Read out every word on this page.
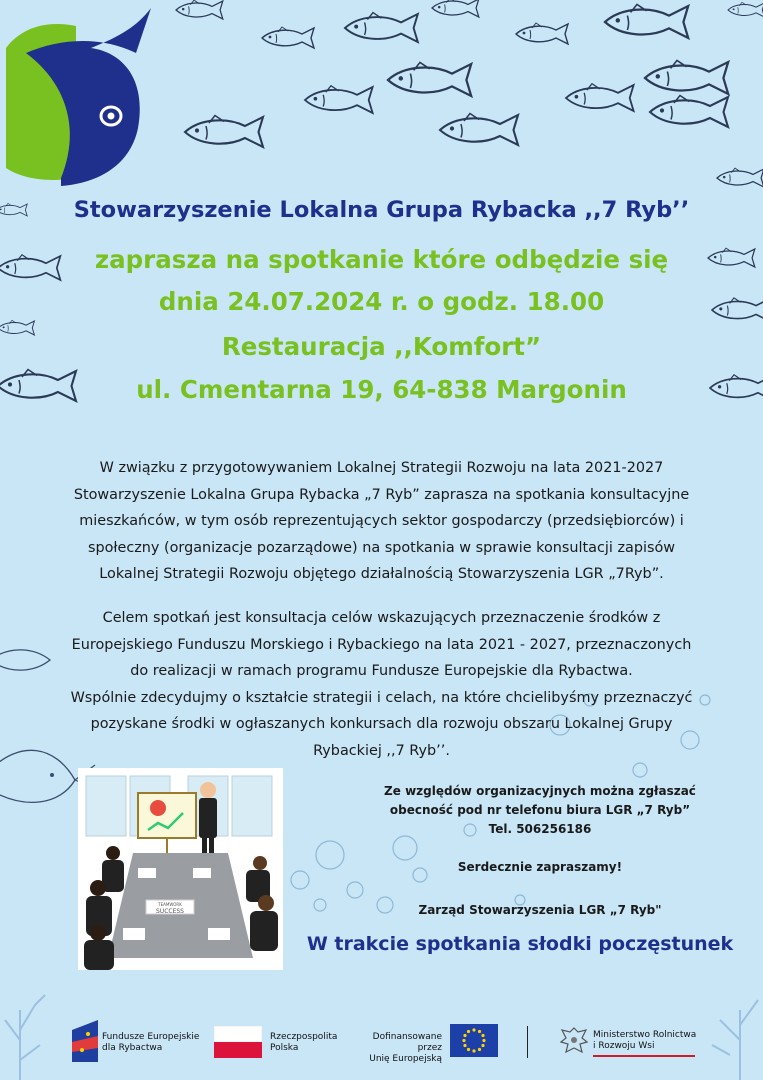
Stowarzyszenie Lokalna Grupa Rybacka ,,7 Ryb’’
zaprasza na spotkanie które odbędzie się
dnia 24.07.2024 r. o godz. 18.00
Restauracja ,,Komfort”
ul. Cmentarna 19, 64-838 Margonin
W związku z przygotowywaniem Lokalnej Strategii Rozwoju na lata 2021-2027
Stowarzyszenie Lokalna Grupa Rybacka „7 Ryb” zaprasza na spotkania konsultacyjne
mieszkańców, w tym osób reprezentujących sektor gospodarczy (przedsiębiorców) i
społeczny (organizacje pozarządowe) na spotkania w sprawie konsultacji zapisów
Lokalnej Strategii Rozwoju objętego działalnością Stowarzyszenia LGR „7Ryb”.
Celem spotkań jest konsultacja celów wskazujących przeznaczenie środków z
Europejskiego Funduszu Morskiego i Rybackiego na lata 2021 - 2027, przeznaczonych
do realizacji w ramach programu Fundusze Europejskie dla Rybactwa.
Wspólnie zdecydujmy o kształcie strategii i celach, na które chcielibyśmy przeznaczyć
pozyskane środki w ogłaszanych konkursach dla rozwoju obszaru Lokalnej Grupy
Rybackiej ,,7 Ryb’’.
TEAMWORK
SUCCESS
Ze względów organizacyjnych można zgłaszać
obecność pod nr telefonu biura LGR „7 Ryb”
Tel. 506256186
Serdecznie zapraszamy!
Zarząd Stowarzyszenia LGR „7 Ryb"
W trakcie spotkania słodki poczęstunek
Fundusze Europejskie
dla Rybactwa
Rzeczpospolita
Polska
Dofinansowane przez
Unię Europejską
Ministerstwo Rolnictwa
i Rozwoju Wsi
